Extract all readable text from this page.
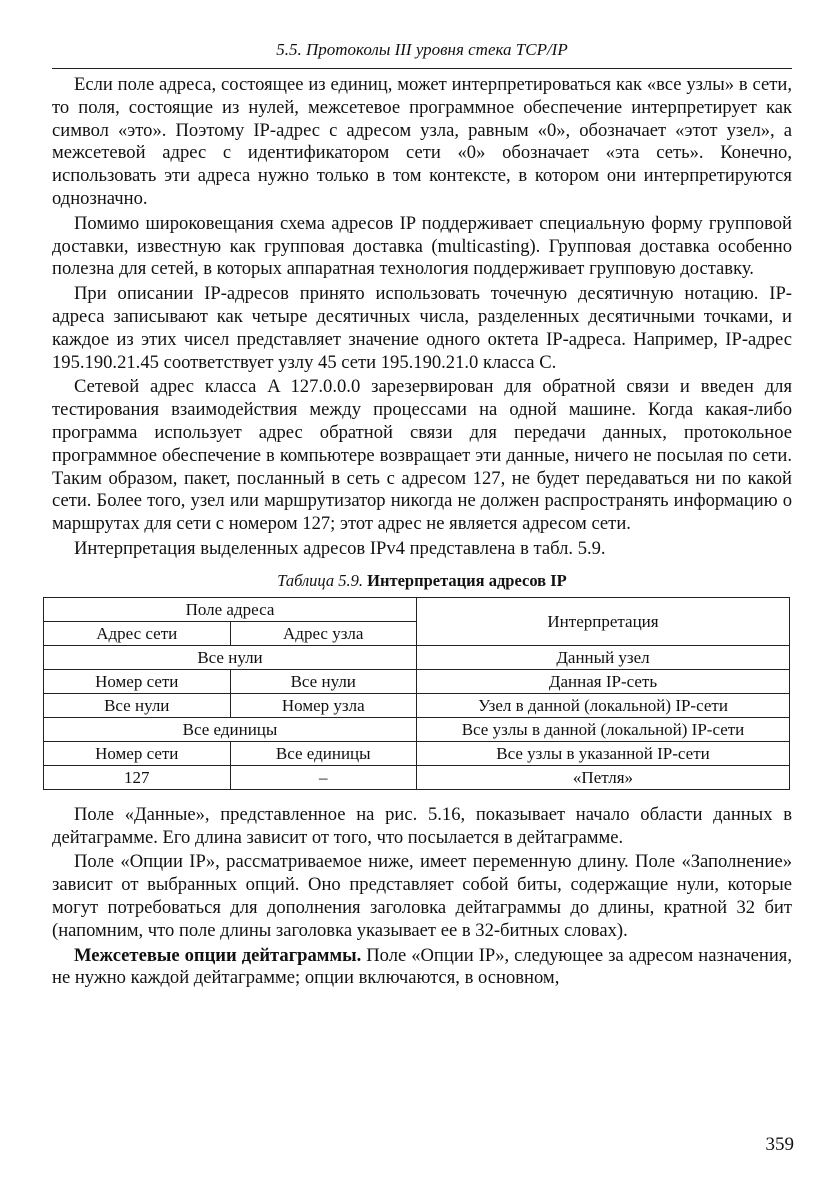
5.5. Протоколы III уровня стека TCP/IP

Если поле адреса, состоящее из единиц, может интерпретироваться как «все узлы» в сети, то поля, состоящие из нулей, межсетевое программное обеспечение интерпретирует как символ «это». Поэтому IP-адрес с адресом узла, равным «0», обозначает «этот узел», а межсетевой адрес с идентификатором сети «0» обозначает «эта сеть». Конечно, использовать эти адреса нужно только в том контексте, в котором они интерпретируются однозначно.

Помимо широковещания схема адресов IP поддерживает специальную форму групповой доставки, известную как групповая доставка (multicasting). Групповая доставка особенно полезна для сетей, в которых аппаратная технология поддерживает групповую доставку.

При описании IP-адресов принято использовать точечную десятичную нотацию. IP-адреса записывают как четыре десятичных числа, разделенных десятичными точками, и каждое из этих чисел представляет значение одного октета IP-адреса. Например, IP-адрес 195.190.21.45 соответствует узлу 45 сети 195.190.21.0 класса C.

Сетевой адрес класса A 127.0.0.0 зарезервирован для обратной связи и введен для тестирования взаимодействия между процессами на одной машине. Когда какая-либо программа использует адрес обратной связи для передачи данных, протокольное программное обеспечение в компьютере возвращает эти данные, ничего не посылая по сети. Таким образом, пакет, посланный в сеть с адресом 127, не будет передаваться ни по какой сети. Более того, узел или маршрутизатор никогда не должен распространять информацию о маршрутах для сети с номером 127; этот адрес не является адресом сети.

Интерпретация выделенных адресов IPv4 представлена в табл. 5.9.

Таблица 5.9. Интерпретация адресов IP
Поле адреса		Интерпретация
Адрес сети	Адрес узла	
Все нули		Данный узел
Номер сети	Все нули	Данная IP-сеть
Все нули	Номер узла	Узел в данной (локальной) IP-сети
Все единицы		Все узлы в данной (локальной) IP-сети
Номер сети	Все единицы	Все узлы в указанной IP-сети
127	–	«Петля»

Поле «Данные», представленное на рис. 5.16, показывает начало области данных в дейтаграмме. Его длина зависит от того, что посылается в дейтаграмме.

Поле «Опции IP», рассматриваемое ниже, имеет переменную длину. Поле «Заполнение» зависит от выбранных опций. Оно представляет собой биты, содержащие нули, которые могут потребоваться для дополнения заголовка дейтаграммы до длины, кратной 32 бит (напомним, что поле длины заголовка указывает ее в 32-битных словах).

Межсетевые опции дейтаграммы. Поле «Опции IP», следующее за адресом назначения, не нужно каждой дейтаграмме; опции включаются, в основном,

359
